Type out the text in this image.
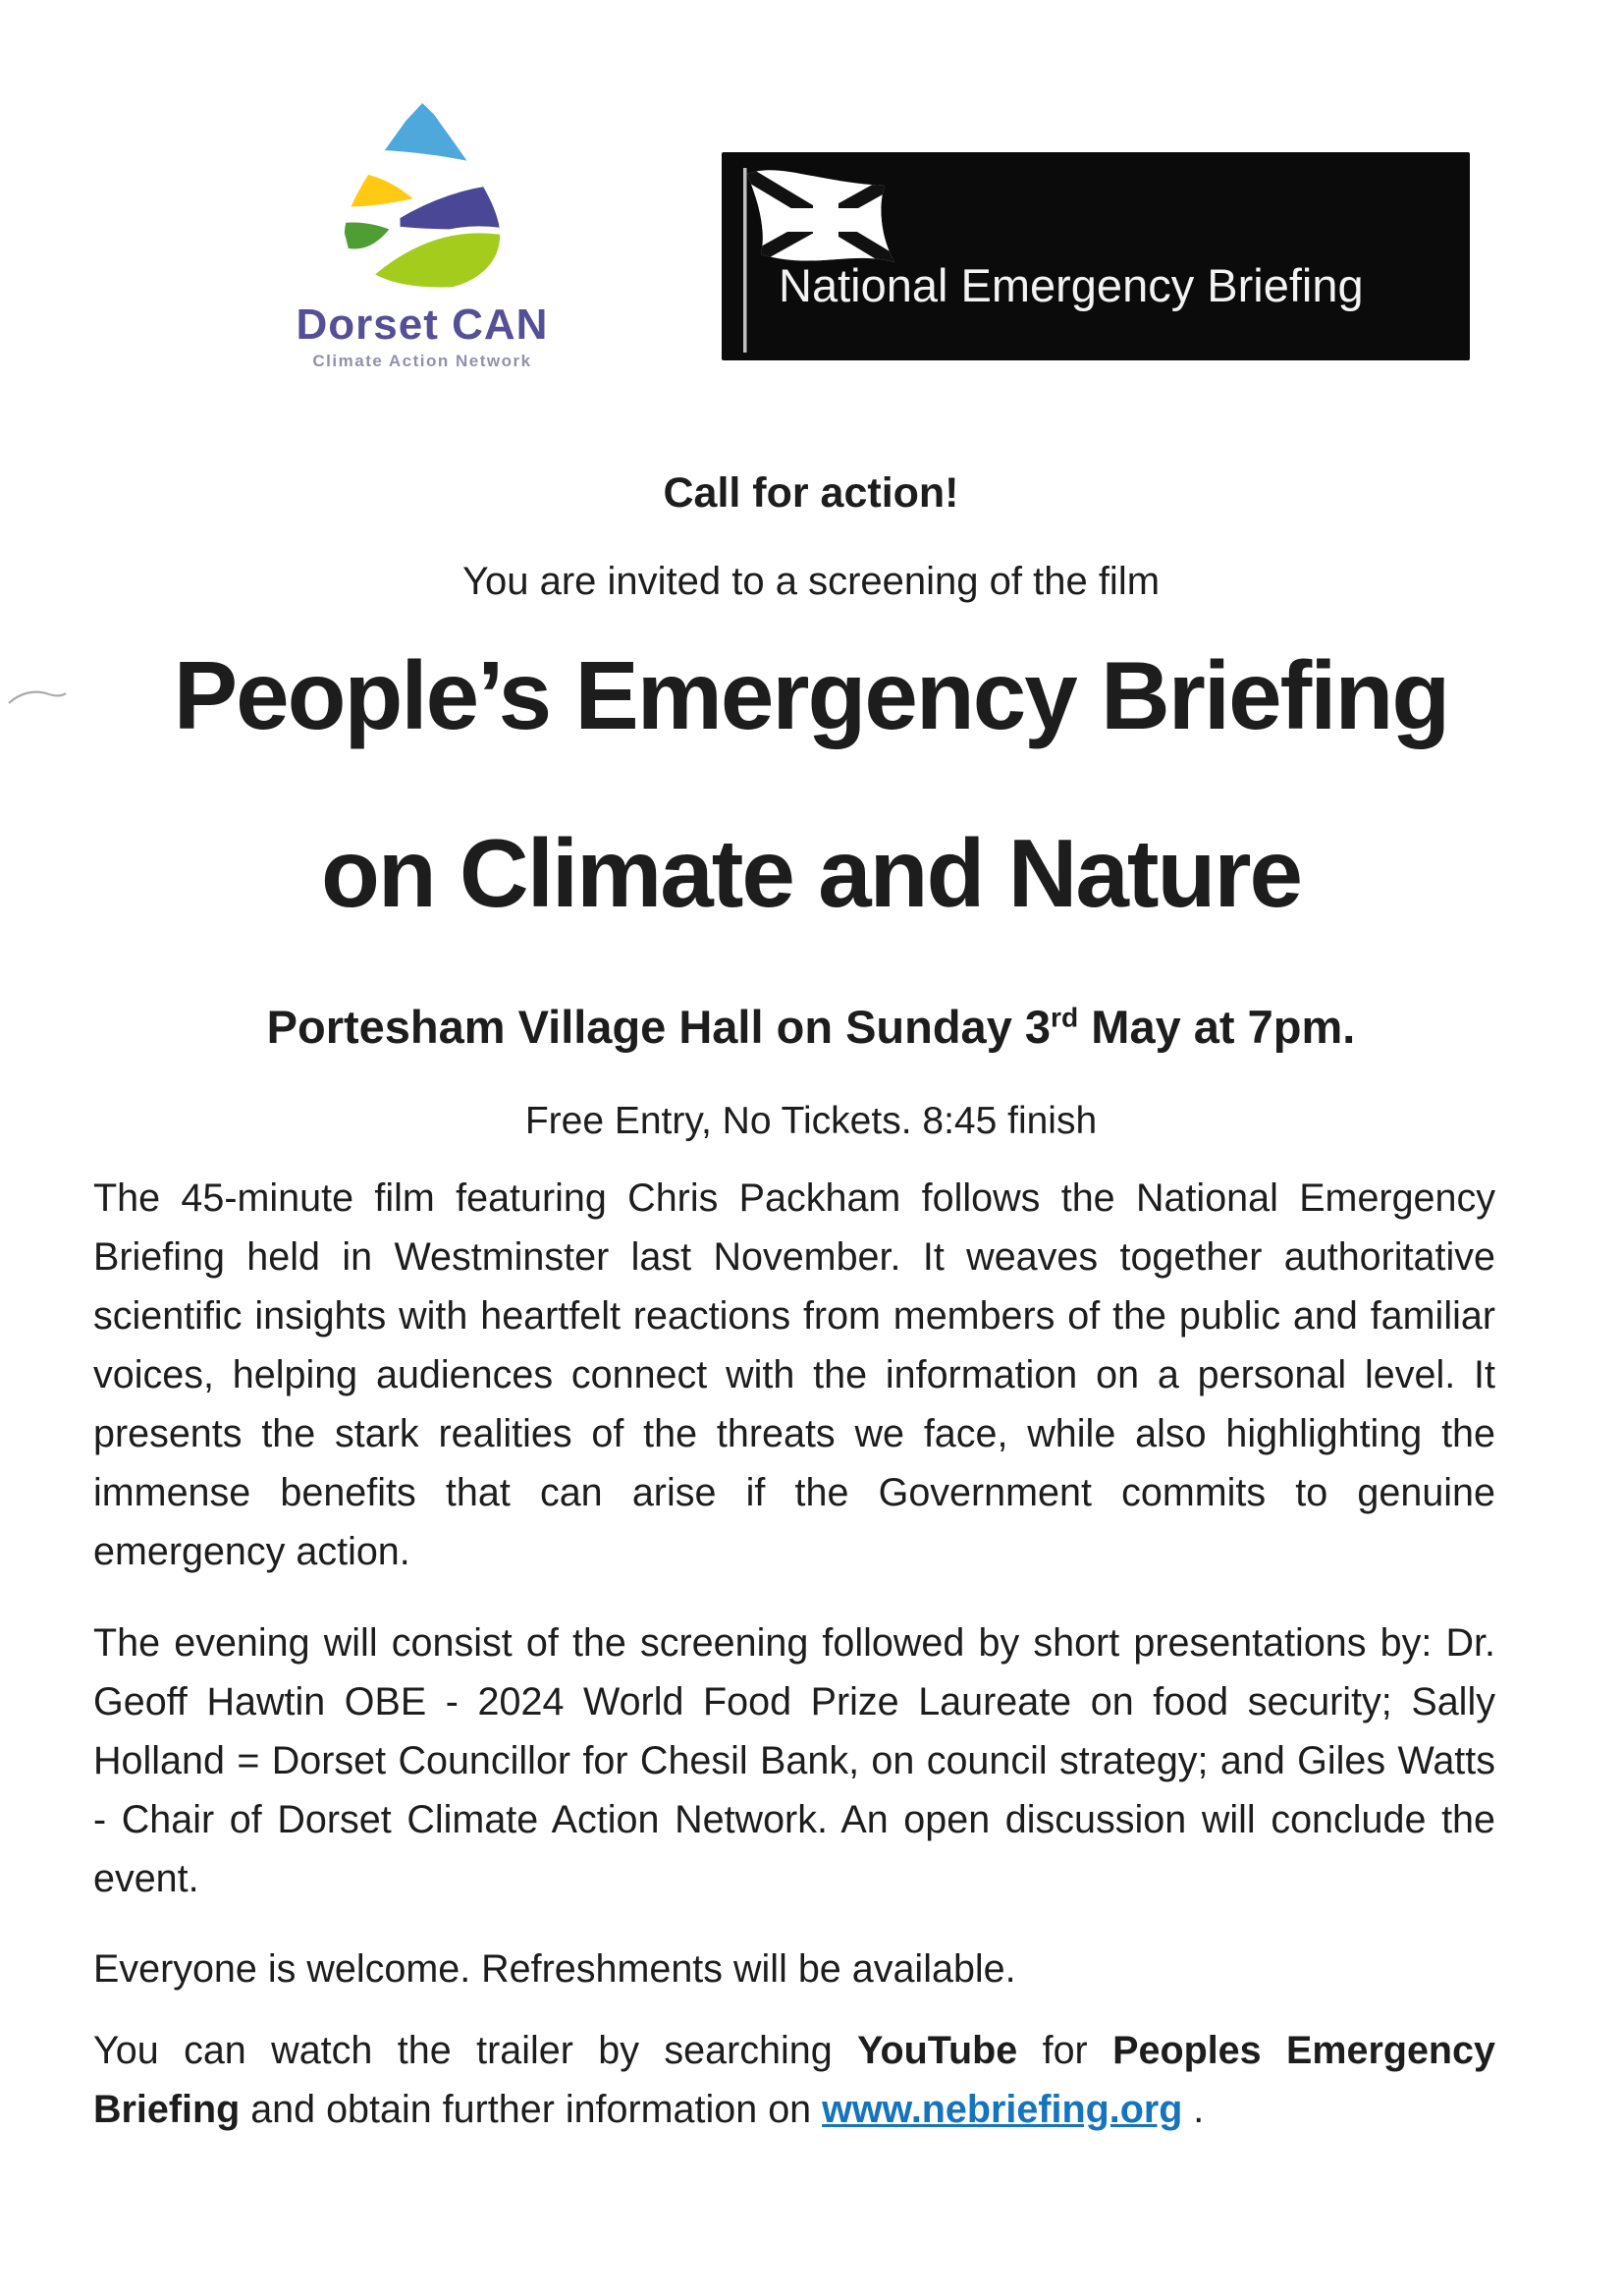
Dorset CAN
Climate Action Network
National Emergency Briefing
Call for action!
You are invited to a screening of the film
People’s Emergency Briefing
on Climate and Nature
Portesham Village Hall on Sunday 3rd May at 7pm.
Free Entry, No Tickets. 8:45 finish
The 45-minute film featuring Chris Packham follows the National Emergency Briefing held in Westminster last November. It weaves together authoritative scientific insights with heartfelt reactions from members of the public and familiar voices, helping audiences connect with the information on a personal level. It presents the stark realities of the threats we face, while also highlighting the immense benefits that can arise if the Government commits to genuine emergency action.
The evening will consist of the screening followed by short presentations by: Dr. Geoff Hawtin OBE - 2024 World Food Prize Laureate on food security; Sally Holland = Dorset Councillor for Chesil Bank, on council strategy; and Giles Watts - Chair of Dorset Climate Action Network. An open discussion will conclude the event.
Everyone is welcome. Refreshments will be available.
You can watch the trailer by searching YouTube for Peoples Emergency Briefing and obtain further information on www.nebriefing.org .
